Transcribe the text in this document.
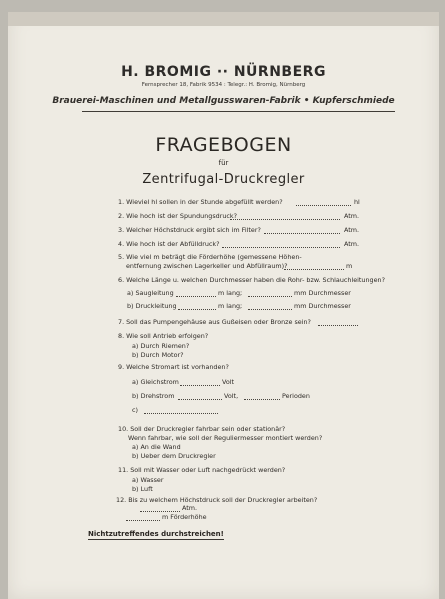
H. BROMIG ·· NÜRNBERG
Fernsprecher 18, Fabrik 9534 : Telegr.: H. Bromig, Nürnberg
Brauerei-Maschinen und Metallgusswaren-Fabrik • Kupferschmiede
FRAGEBOGEN
für
Zentrifugal-Druckregler
1. Wieviel hl sollen in der Stunde abgefüllt werden?	hl
2. Wie hoch ist der Spundungsdruck?	Atm.
3. Welcher Höchstdruck ergibt sich im Filter?	Atm.
4. Wie hoch ist der Abfülldruck?	Atm.
5. Wie viel m beträgt die Förderhöhe (gemessene Höhen-
entfernung zwischen Lagerkeller und Abfüllraum)?	m
6. Welche Länge u. welchen Durchmesser haben die Rohr- bzw. Schlauchleitungen?
a) Saugleitung	m lang;	mm Durchmesser
b) Druckleitung	m lang;	mm Durchmesser
7. Soll das Pumpengehäuse aus Gußeisen oder Bronze sein?
8. Wie soll Antrieb erfolgen?
a) Durch Riemen?
b) Durch Motor?
9. Welche Stromart ist vorhanden?
a) Gleichstrom	Volt
b) Drehstrom	Volt,	Perioden
c)
10. Soll der Druckregler fahrbar sein oder stationär?
Wenn fahrbar, wie soll der Reguliermesser montiert werden?
a) An die Wand
b) Ueber dem Druckregler
11. Soll mit Wasser oder Luft nachgedrückt werden?
a) Wasser
b) Luft
12. Bis zu welchem Höchstdruck soll der Druckregler arbeiten?
Atm.
m Förderhöhe
Nichtzutreffendes durchstreichen!
